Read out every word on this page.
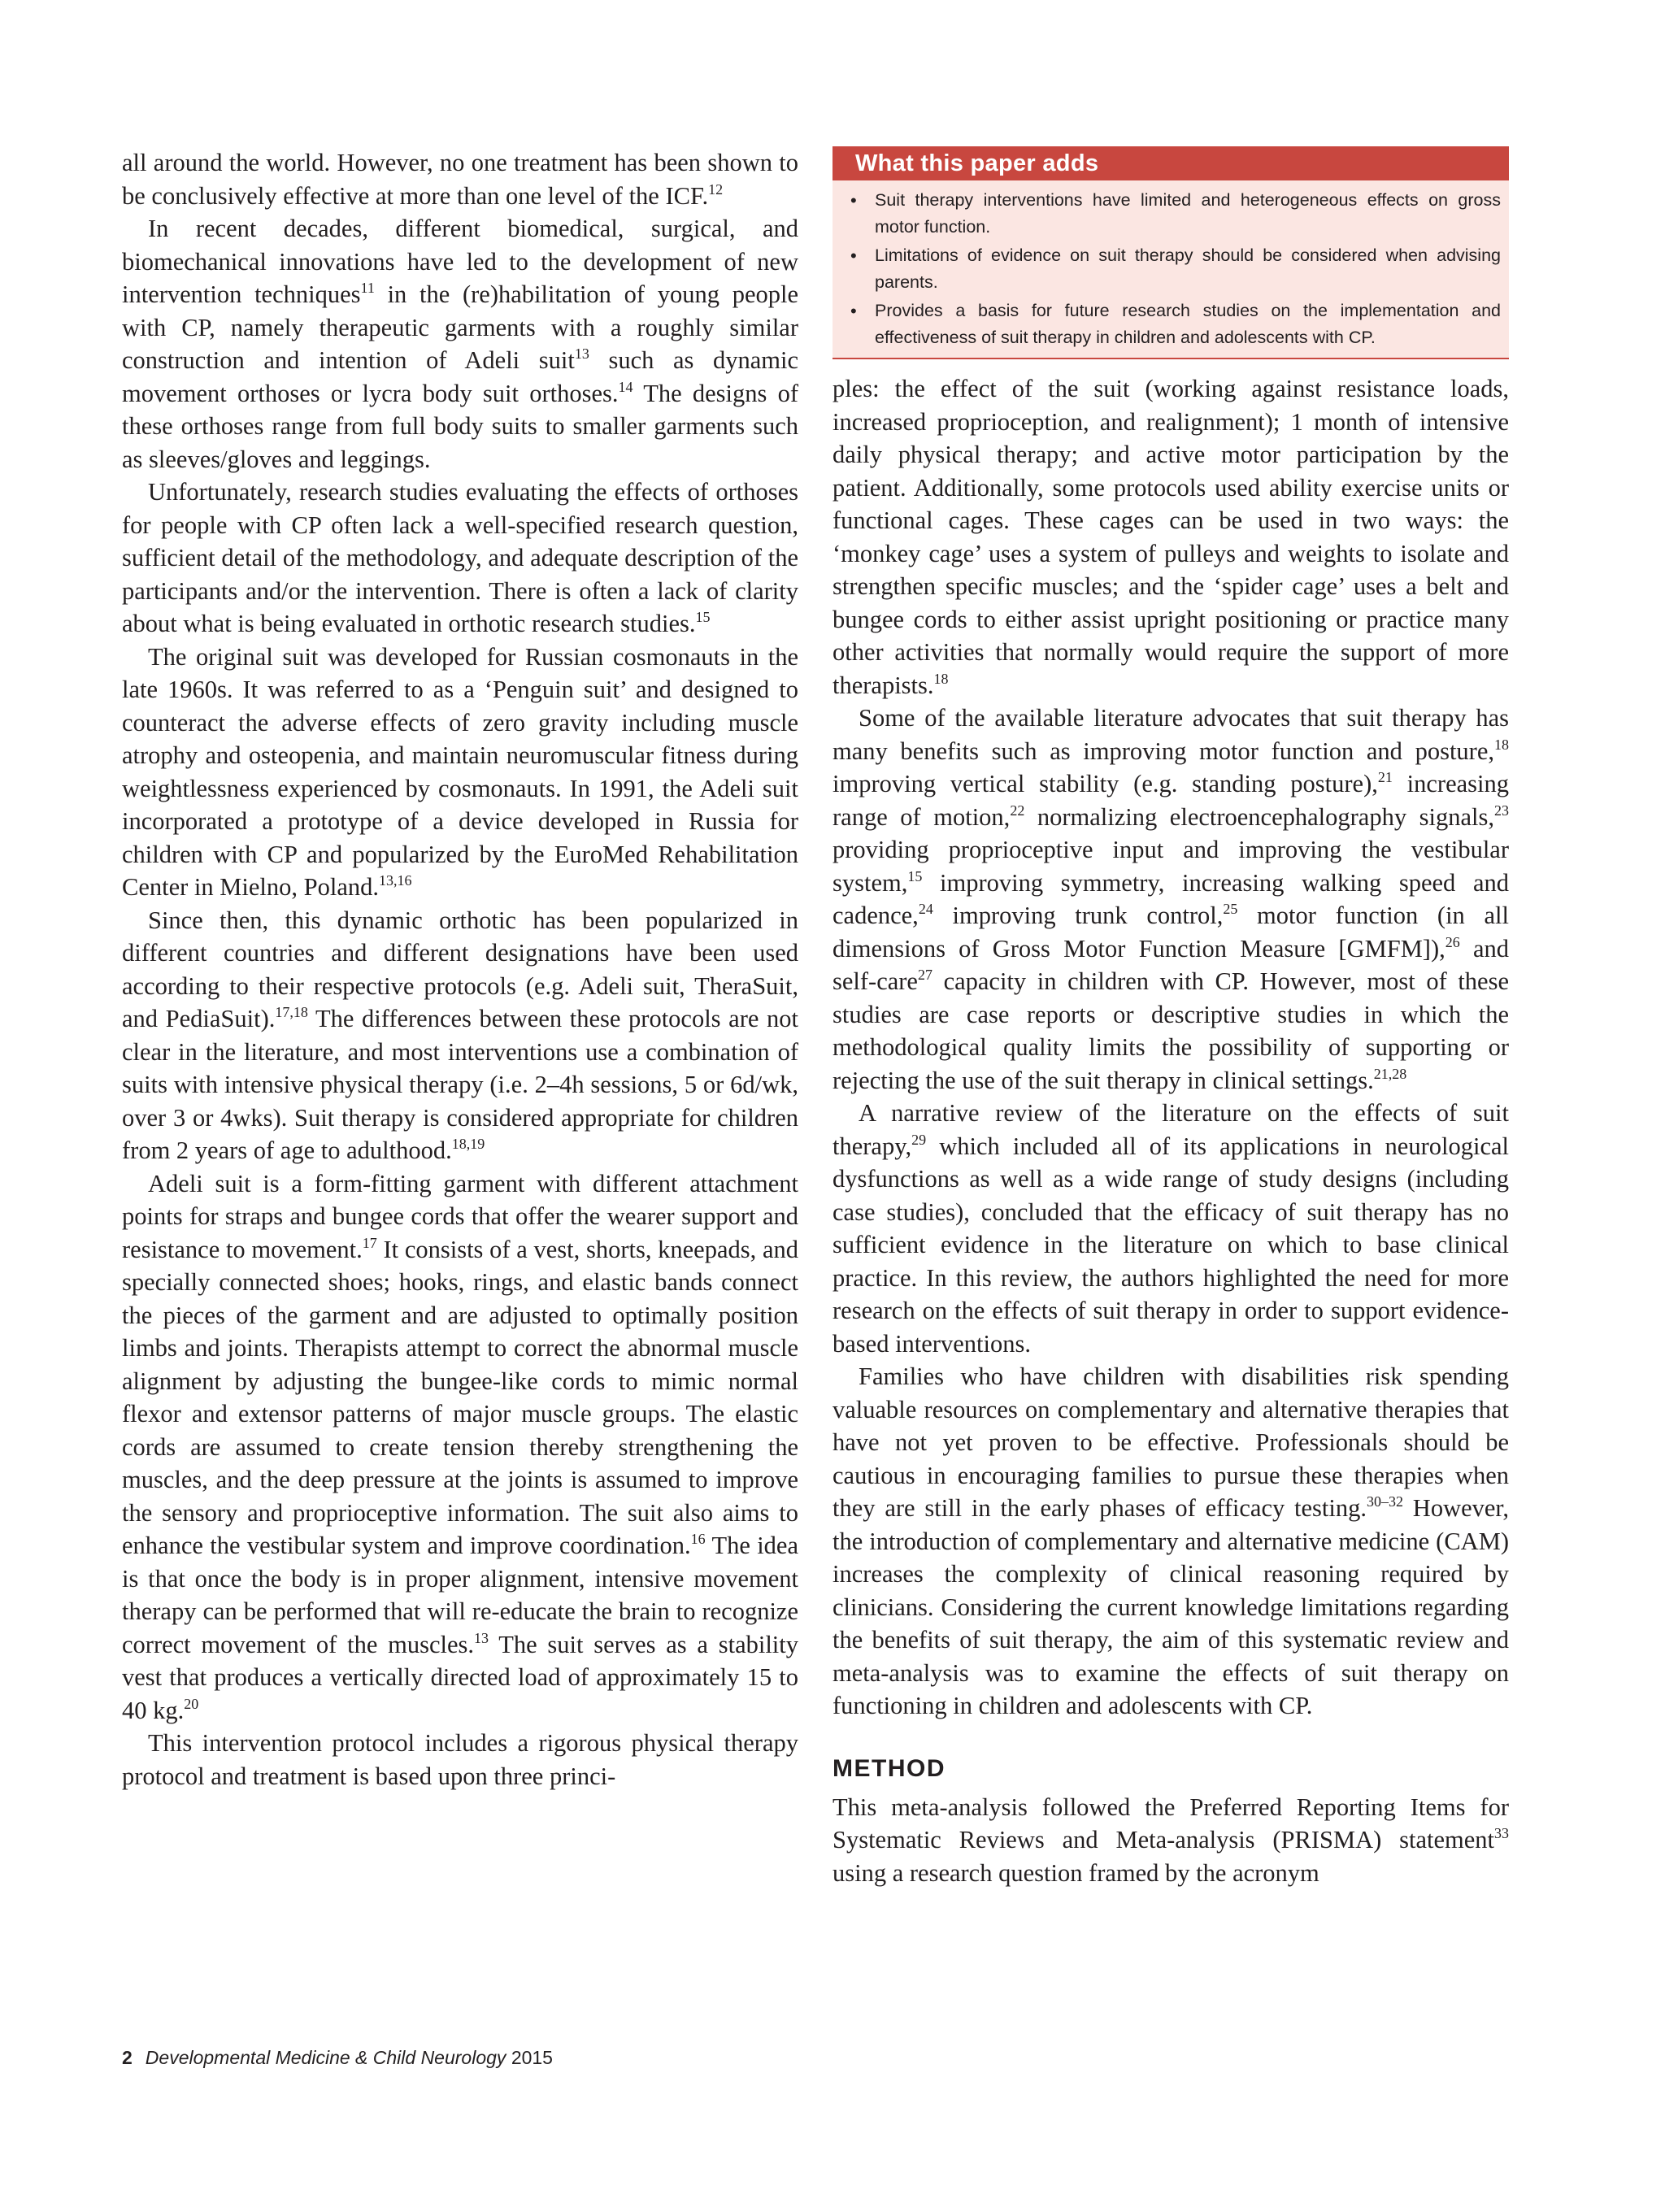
all around the world. However, no one treatment has been shown to be conclusively effective at more than one level of the ICF.$^{12}$

In recent decades, different biomedical, surgical, and biomechanical innovations have led to the development of new intervention techniques$^{11}$ in the (re)habilitation of young people with CP, namely therapeutic garments with a roughly similar construction and intention of Adeli suit$^{13}$ such as dynamic movement orthoses or lycra body suit orthoses.$^{14}$ The designs of these orthoses range from full body suits to smaller garments such as sleeves/gloves and leggings.

Unfortunately, research studies evaluating the effects of orthoses for people with CP often lack a well-specified research question, sufficient detail of the methodology, and adequate description of the participants and/or the intervention. There is often a lack of clarity about what is being evaluated in orthotic research studies.$^{15}$

The original suit was developed for Russian cosmonauts in the late 1960s. It was referred to as a ‘Penguin suit’ and designed to counteract the adverse effects of zero gravity including muscle atrophy and osteopenia, and maintain neuromuscular fitness during weightlessness experienced by cosmonauts. In 1991, the Adeli suit incorporated a prototype of a device developed in Russia for children with CP and popularized by the EuroMed Rehabilitation Center in Mielno, Poland.$^{13,16}$

Since then, this dynamic orthotic has been popularized in different countries and different designations have been used according to their respective protocols (e.g. Adeli suit, TheraSuit, and PediaSuit).$^{17,18}$ The differences between these protocols are not clear in the literature, and most interventions use a combination of suits with intensive physical therapy (i.e. 2–4h sessions, 5 or 6d/wk, over 3 or 4wks). Suit therapy is considered appropriate for children from 2 years of age to adulthood.$^{18,19}$

Adeli suit is a form-fitting garment with different attachment points for straps and bungee cords that offer the wearer support and resistance to movement.$^{17}$ It consists of a vest, shorts, kneepads, and specially connected shoes; hooks, rings, and elastic bands connect the pieces of the garment and are adjusted to optimally position limbs and joints. Therapists attempt to correct the abnormal muscle alignment by adjusting the bungee-like cords to mimic normal flexor and extensor patterns of major muscle groups. The elastic cords are assumed to create tension thereby strengthening the muscles, and the deep pressure at the joints is assumed to improve the sensory and proprioceptive information. The suit also aims to enhance the vestibular system and improve coordination.$^{16}$ The idea is that once the body is in proper alignment, intensive movement therapy can be performed that will re-educate the brain to recognize correct movement of the muscles.$^{13}$ The suit serves as a stability vest that produces a vertically directed load of approximately 15 to 40 kg.$^{20}$

This intervention protocol includes a rigorous physical therapy protocol and treatment is based upon three princi-

What this paper adds
• Suit therapy interventions have limited and heterogeneous effects on gross motor function.
• Limitations of evidence on suit therapy should be considered when advising parents.
• Provides a basis for future research studies on the implementation and effectiveness of suit therapy in children and adolescents with CP.

ples: the effect of the suit (working against resistance loads, increased proprioception, and realignment); 1 month of intensive daily physical therapy; and active motor participation by the patient. Additionally, some protocols used ability exercise units or functional cages. These cages can be used in two ways: the ‘monkey cage’ uses a system of pulleys and weights to isolate and strengthen specific muscles; and the ‘spider cage’ uses a belt and bungee cords to either assist upright positioning or practice many other activities that normally would require the support of more therapists.$^{18}$

Some of the available literature advocates that suit therapy has many benefits such as improving motor function and posture,$^{18}$ improving vertical stability (e.g. standing posture),$^{21}$ increasing range of motion,$^{22}$ normalizing electroencephalography signals,$^{23}$ providing proprioceptive input and improving the vestibular system,$^{15}$ improving symmetry, increasing walking speed and cadence,$^{24}$ improving trunk control,$^{25}$ motor function (in all dimensions of Gross Motor Function Measure [GMFM]),$^{26}$ and self-care$^{27}$ capacity in children with CP. However, most of these studies are case reports or descriptive studies in which the methodological quality limits the possibility of supporting or rejecting the use of the suit therapy in clinical settings.$^{21,28}$

A narrative review of the literature on the effects of suit therapy,$^{29}$ which included all of its applications in neurological dysfunctions as well as a wide range of study designs (including case studies), concluded that the efficacy of suit therapy has no sufficient evidence in the literature on which to base clinical practice. In this review, the authors highlighted the need for more research on the effects of suit therapy in order to support evidence-based interventions.

Families who have children with disabilities risk spending valuable resources on complementary and alternative therapies that have not yet proven to be effective. Professionals should be cautious in encouraging families to pursue these therapies when they are still in the early phases of efficacy testing.$^{30-32}$ However, the introduction of complementary and alternative medicine (CAM) increases the complexity of clinical reasoning required by clinicians. Considering the current knowledge limitations regarding the benefits of suit therapy, the aim of this systematic review and meta-analysis was to examine the effects of suit therapy on functioning in children and adolescents with CP.

METHOD

This meta-analysis followed the Preferred Reporting Items for Systematic Reviews and Meta-analysis (PRISMA) statement$^{33}$ using a research question framed by the acronym

2 Developmental Medicine & Child Neurology 2015
